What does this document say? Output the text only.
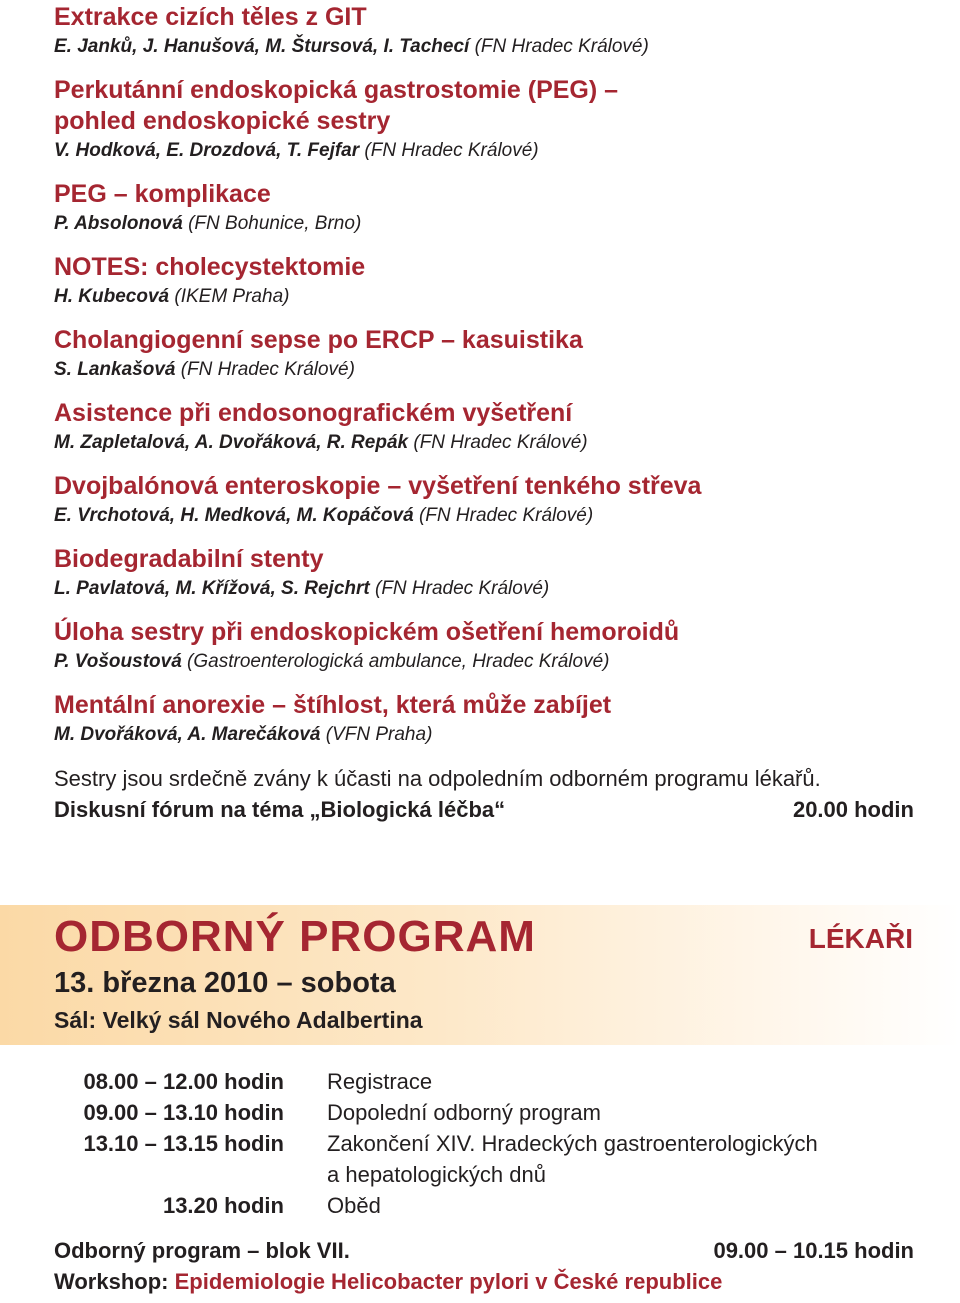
Extrakce cizích těles z GIT
E. Janků, J. Hanušová, M. Štursová, I. Tachecí (FN Hradec Králové)
Perkutánní endoskopická gastrostomie (PEG) –
pohled endoskopické sestry
V. Hodková, E. Drozdová, T. Fejfar (FN Hradec Králové)
PEG – komplikace
P. Absolonová (FN Bohunice, Brno)
NOTES: cholecystektomie
H. Kubecová (IKEM Praha)
Cholangiogenní sepse po ERCP – kasuistika
S. Lankašová (FN Hradec Králové)
Asistence při endosonografickém vyšetření
M. Zapletalová, A. Dvořáková, R. Repák (FN Hradec Králové)
Dvojbalónová enteroskopie – vyšetření tenkého střeva
E. Vrchotová, H. Medková, M. Kopáčová (FN Hradec Králové)
Biodegradabilní stenty
L. Pavlatová, M. Křížová, S. Rejchrt (FN Hradec Králové)
Úloha sestry při endoskopickém ošetření hemoroidů
P. Vošoustová (Gastroenterologická ambulance, Hradec Králové)
Mentální anorexie – štíhlost, která může zabíjet
M. Dvořáková, A. Marečáková (VFN Praha)
Sestry jsou srdečně zvány k účasti na odpoledním odborném programu lékařů.
Diskusní fórum na téma „Biologická léčba“	20.00 hodin
ODBORNÝ PROGRAM	LÉKAŘI
13. března 2010 – sobota
Sál: Velký sál Nového Adalbertina
08.00 – 12.00 hodin Registrace
09.00 – 13.10 hodin Dopolední odborný program
13.10 – 13.15 hodin Zakončení XIV. Hradeckých gastroenterologických
a hepatologických dnů
13.20 hodin Oběd
Odborný program – blok VII.	09.00 – 10.15 hodin
Workshop: Epidemiologie Helicobacter pylori v České republice
